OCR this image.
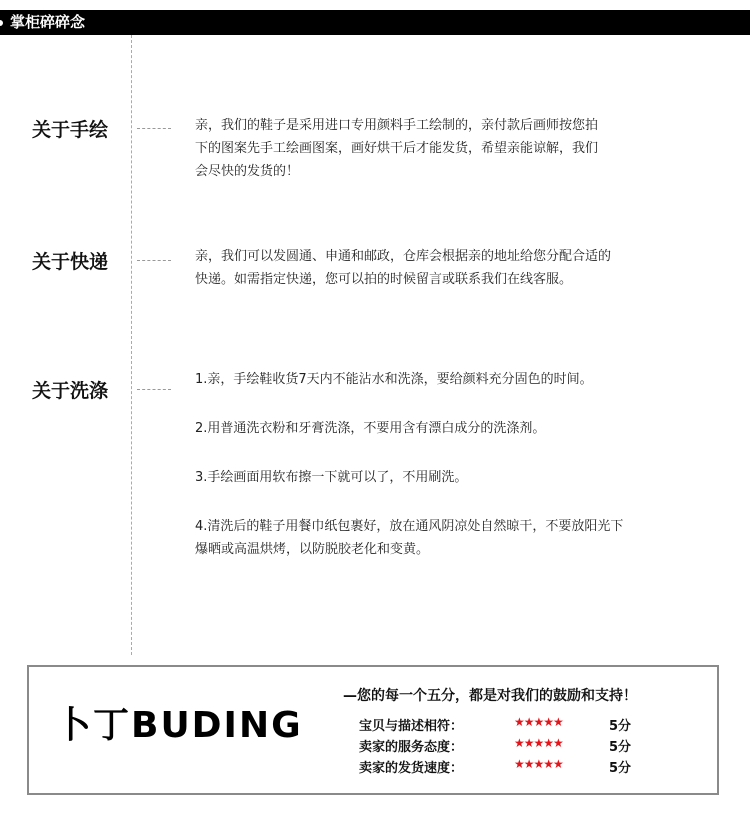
掌柜碎碎念
关于手绘	亲，我们的鞋子是采用进口专用颜料手工绘制的，亲付款后画师按您拍

下的图案先手工绘画图案，画好烘干后才能发货，希望亲能谅解，我们

会尽快的发货的！

关于快递	亲，我们可以发圆通、申通和邮政，仓库会根据亲的地址给您分配合适的

快递。如需指定快递，您可以拍的时候留言或联系我们在线客服。

关于洗涤

1.亲，手绘鞋收货7天内不能沾水和洗涤，要给颜料充分固色的时间。

2.用普通洗衣粉和牙膏洗涤，不要用含有漂白成分的洗涤剂。

3.手绘画面用软布擦一下就可以了，不用刷洗。

4.清洗后的鞋子用餐巾纸包裹好，放在通风阴凉处自然晾干，不要放阳光下

爆晒或高温烘烤，以防脱胶老化和变黄。

卜丁BUDING
—您的每一个五分，都是对我们的鼓励和支持！
宝贝与描述相符：	★★★★★	5分
卖家的服务态度：	★★★★★	5分
卖家的发货速度：	★★★★★	5分
